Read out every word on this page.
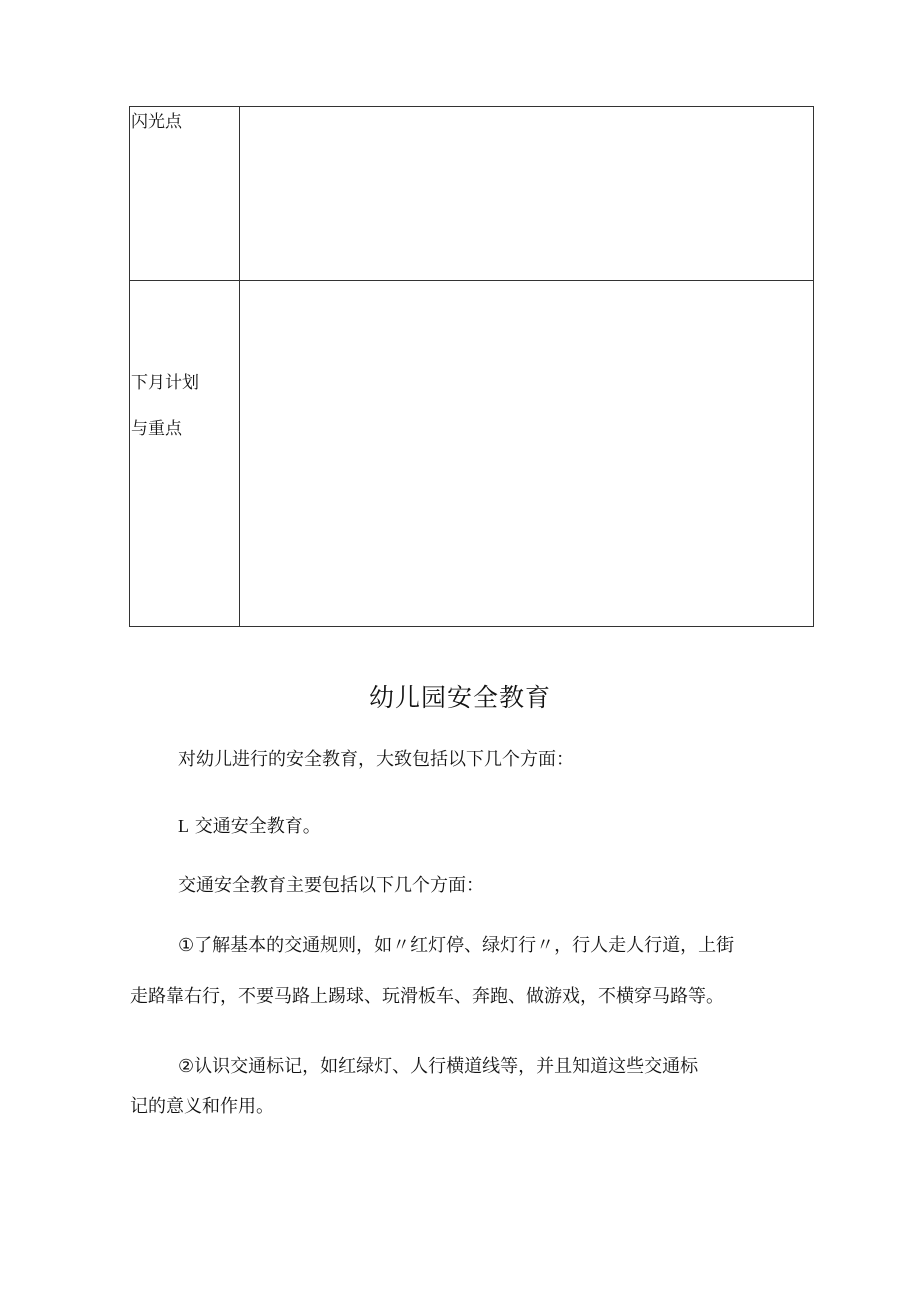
闪光点	

下月计划
与重点	

幼儿园安全教育
对幼儿进行的安全教育，大致包括以下几个方面：
L 交通安全教育。
交通安全教育主要包括以下几个方面：
①了解基本的交通规则，如〃红灯停、绿灯行〃，行人走人行道，上街
走路靠右行，不要马路上踢球、玩滑板车、奔跑、做游戏，不横穿马路等。
②认识交通标记，如红绿灯、人行横道线等，并且知道这些交通标
记的意义和作用。
